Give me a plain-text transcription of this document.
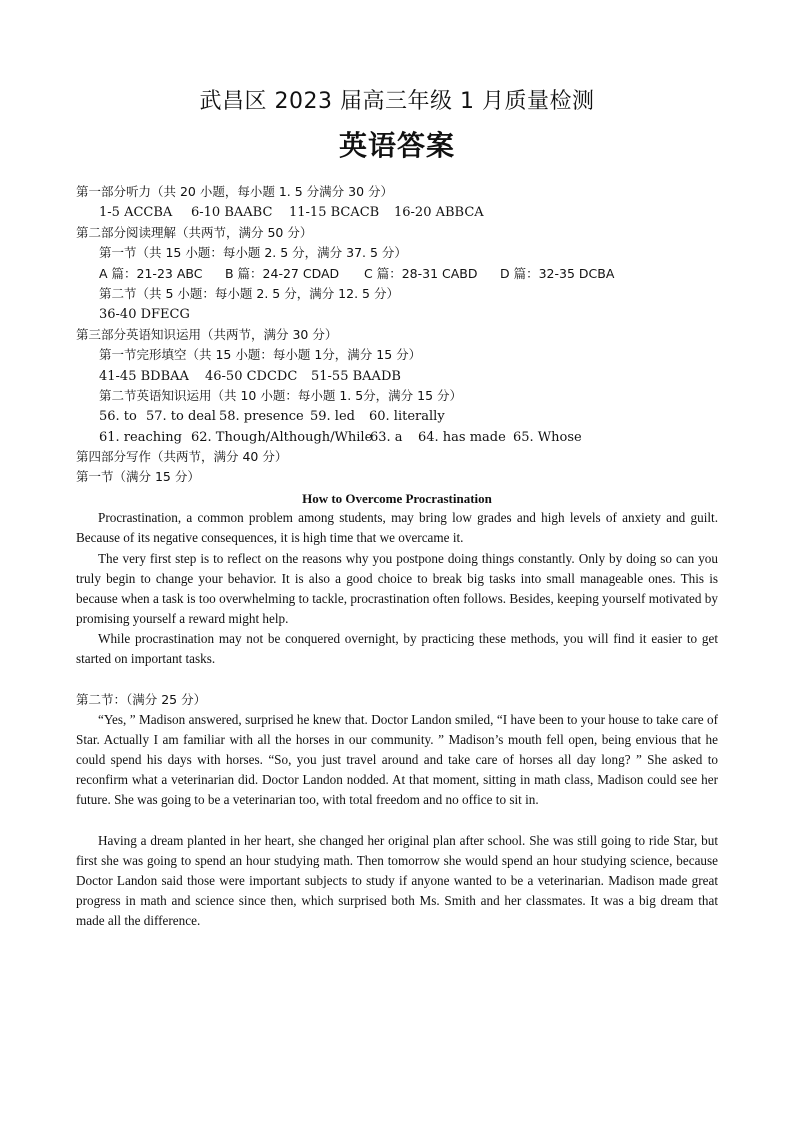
武昌区 2023 届高三年级 1 月质量检测
英语答案
第一部分听力（共 20 小题，每小题 1. 5 分满分 30 分）
1-5 ACCBA 6-10 BAABC 11-15 BCACB 16-20 ABBCA
第二部分阅读理解（共两节，满分 50 分）
第一节（共 15 小题：每小题 2. 5 分，满分 37. 5 分）
A 篇：21-23 ABC B 篇：24-27 CDAD C 篇：28-31 CABD D 篇：32-35 DCBA
第二节（共 5 小题：每小题 2. 5 分，满分 12. 5 分）
36-40 DFECG
第三部分英语知识运用（共两节，满分 30 分）
第一节完形填空（共 15 小题：每小题 1分，满分 15 分）
41-45 BDBAA 46-50 CDCDC 51-55 BAADB
第二节英语知识运用（共 10 小题：每小题 1. 5分，满分 15 分）
56. to 57. to deal 58. presence 59. led 60. literally
61. reaching 62. Though/Although/While
63. a 64. has made 65. Whose
第四部分写作（共两节，满分 40 分）
第一节（满分 15 分）
How to Overcome Procrastination

Procrastination, a common problem among students, may bring low grades and high levels of anxiety and guilt. Because of its negative consequences, it is high time that we overcame it.

The very first step is to reflect on the reasons why you postpone doing things constantly. Only by doing so can you truly begin to change your behavior. It is also a good choice to break big tasks into small manageable ones. This is because when a task is too overwhelming to tackle, procrastination often follows. Besides, keeping yourself motivated by promising yourself a reward might help.

While procrastination may not be conquered overnight, by practicing these methods, you will find it easier to get started on important tasks.

第二节：（满分 25 分）

“Yes, ” Madison answered, surprised he knew that. Doctor Landon smiled, “I have been to your house to take care of Star. Actually I am familiar with all the horses in our community. ” Madison’s mouth fell open, being envious that he could spend his days with horses. “So, you just travel around and take care of horses all day long? ” She asked to reconfirm what a veterinarian did. Doctor Landon nodded. At that moment, sitting in math class, Madison could see her future. She was going to be a veterinarian too, with total freedom and no office to sit in.

Having a dream planted in her heart, she changed her original plan after school. She was still going to ride Star, but first she was going to spend an hour studying math. Then tomorrow she would spend an hour studying science, because Doctor Landon said those were important subjects to study if anyone wanted to be a veterinarian. Madison made great progress in math and science since then, which surprised both Ms. Smith and her classmates. It was a big dream that made all the difference.
